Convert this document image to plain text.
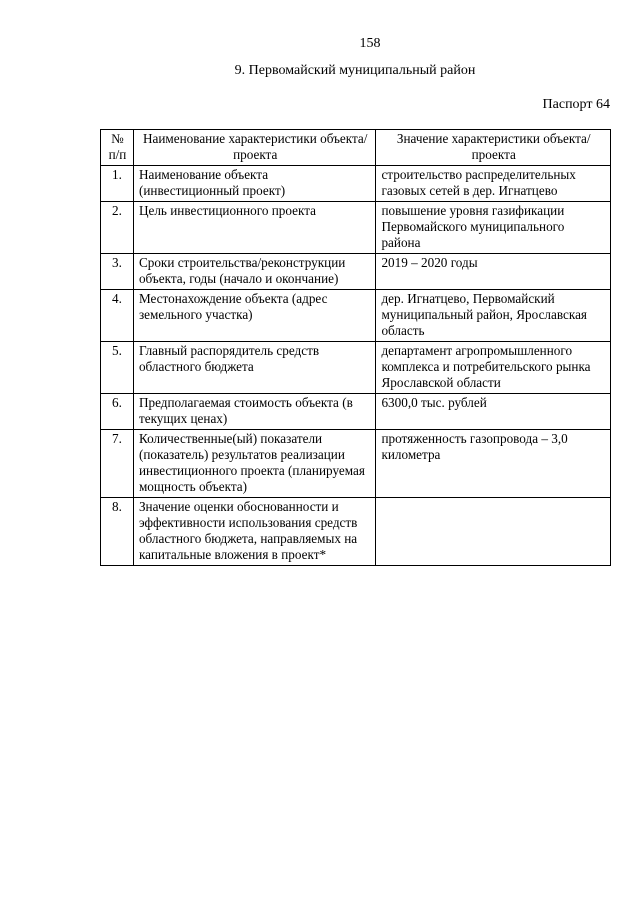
158
9. Первомайский муниципальный район
Паспорт 64
№ п/п	Наименование характеристики объекта/проекта	Значение характеристики объекта/проекта
1.	Наименование объекта (инвестиционный проект)	строительство распределительных газовых сетей в дер. Игнатцево
2.	Цель инвестиционного проекта	повышение уровня газификации Первомайского муниципального района
3.	Сроки строительства/реконструкции объекта, годы (начало и окончание)	2019 – 2020 годы
4.	Местонахождение объекта (адрес земельного участка)	дер. Игнатцево, Первомайский муниципальный район, Ярославская область
5.	Главный распорядитель средств областного бюджета	департамент агропромышленного комплекса и потребительского рынка Ярославской области
6.	Предполагаемая стоимость объекта (в текущих ценах)	6300,0 тыс. рублей
7.	Количественные(ый) показатели (показатель) результатов реализации инвестиционного проекта (планируемая мощность объекта)	протяженность газопровода – 3,0 километра
8.	Значение оценки обоснованности и эффективности использования средств областного бюджета, направляемых на капитальные вложения в проект*	
